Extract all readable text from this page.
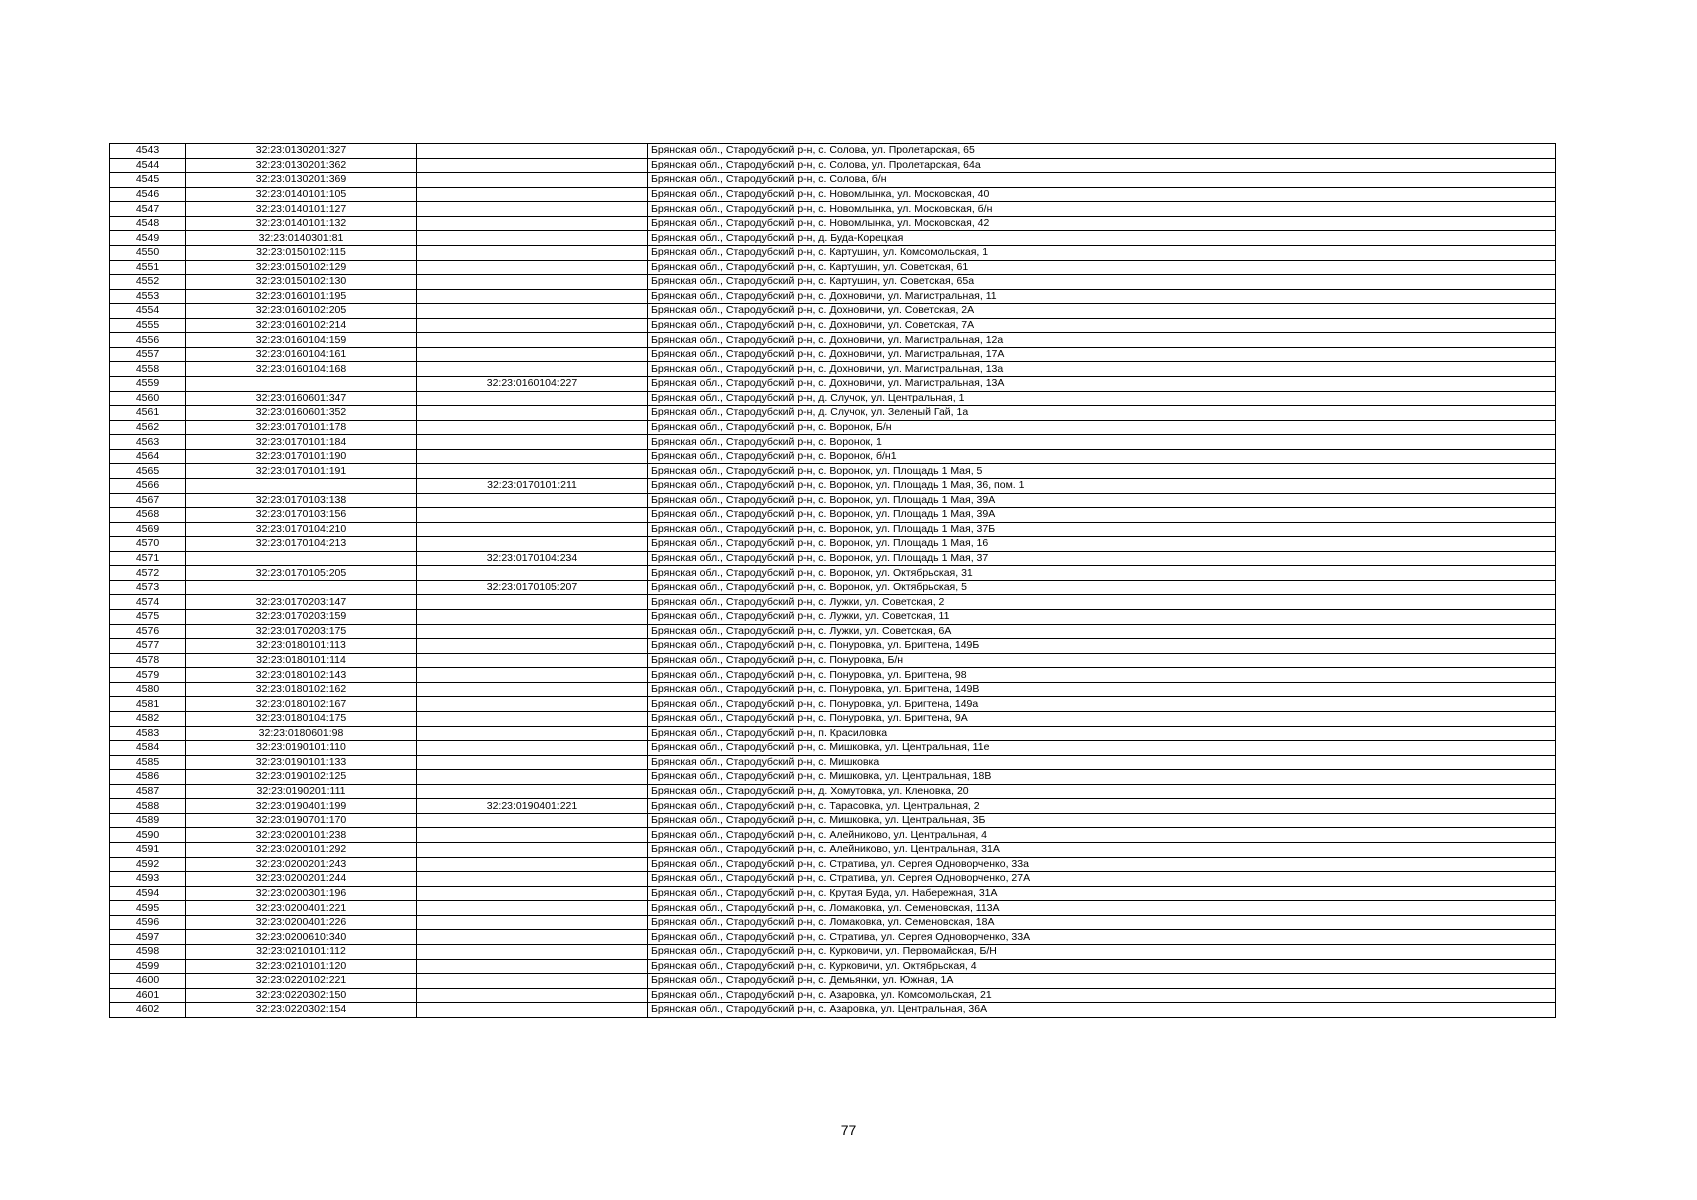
4543	32:23:0130201:327		Брянская обл., Стародубский р-н, с. Солова, ул. Пролетарская, 65
4544	32:23:0130201:362		Брянская обл., Стародубский р-н, с. Солова, ул. Пролетарская, 64а
4545	32:23:0130201:369		Брянская обл., Стародубский р-н, с. Солова, б/н
4546	32:23:0140101:105		Брянская обл., Стародубский р-н, с. Новомлынка, ул. Московская, 40
4547	32:23:0140101:127		Брянская обл., Стародубский р-н, с. Новомлынка, ул. Московская, б/н
4548	32:23:0140101:132		Брянская обл., Стародубский р-н, с. Новомлынка, ул. Московская, 42
4549	32:23:0140301:81		Брянская обл., Стародубский р-н, д. Буда-Корецкая
4550	32:23:0150102:115		Брянская обл., Стародубский р-н, с. Картушин, ул. Комсомольская, 1
4551	32:23:0150102:129		Брянская обл., Стародубский р-н, с. Картушин, ул. Советская, 61
4552	32:23:0150102:130		Брянская обл., Стародубский р-н, с. Картушин, ул. Советская, 65а
4553	32:23:0160101:195		Брянская обл., Стародубский р-н, с. Дохновичи, ул. Магистральная, 11
4554	32:23:0160102:205		Брянская обл., Стародубский р-н, с. Дохновичи, ул. Советская, 2А
4555	32:23:0160102:214		Брянская обл., Стародубский р-н, с. Дохновичи, ул. Советская, 7А
4556	32:23:0160104:159		Брянская обл., Стародубский р-н, с. Дохновичи, ул. Магистральная, 12а
4557	32:23:0160104:161		Брянская обл., Стародубский р-н, с. Дохновичи, ул. Магистральная, 17А
4558	32:23:0160104:168		Брянская обл., Стародубский р-н, с. Дохновичи, ул. Магистральная, 13а
4559		32:23:0160104:227	Брянская обл., Стародубский р-н, с. Дохновичи, ул. Магистральная, 13А
4560	32:23:0160601:347		Брянская обл., Стародубский р-н, д. Случок, ул. Центральная, 1
4561	32:23:0160601:352		Брянская обл., Стародубский р-н, д. Случок, ул. Зеленый Гай, 1а
4562	32:23:0170101:178		Брянская обл., Стародубский р-н, с. Воронок, Б/н
4563	32:23:0170101:184		Брянская обл., Стародубский р-н, с. Воронок, 1
4564	32:23:0170101:190		Брянская обл., Стародубский р-н, с. Воронок, б/н1
4565	32:23:0170101:191		Брянская обл., Стародубский р-н, с. Воронок, ул. Площадь 1 Мая, 5
4566		32:23:0170101:211	Брянская обл., Стародубский р-н, с. Воронок, ул. Площадь 1 Мая, 36, пом. 1
4567	32:23:0170103:138		Брянская обл., Стародубский р-н, с. Воронок, ул. Площадь 1 Мая, 39А
4568	32:23:0170103:156		Брянская обл., Стародубский р-н, с. Воронок, ул. Площадь 1 Мая, 39А
4569	32:23:0170104:210		Брянская обл., Стародубский р-н, с. Воронок, ул. Площадь 1 Мая, 37Б
4570	32:23:0170104:213		Брянская обл., Стародубский р-н, с. Воронок, ул. Площадь 1 Мая, 16
4571		32:23:0170104:234	Брянская обл., Стародубский р-н, с. Воронок, ул. Площадь 1 Мая, 37
4572	32:23:0170105:205		Брянская обл., Стародубский р-н, с. Воронок, ул. Октябрьская, 31
4573		32:23:0170105:207	Брянская обл., Стародубский р-н, с. Воронок, ул. Октябрьская, 5
4574	32:23:0170203:147		Брянская обл., Стародубский р-н, с. Лужки, ул. Советская, 2
4575	32:23:0170203:159		Брянская обл., Стародубский р-н, с. Лужки, ул. Советская, 11
4576	32:23:0170203:175		Брянская обл., Стародубский р-н, с. Лужки, ул. Советская, 6А
4577	32:23:0180101:113		Брянская обл., Стародубский р-н, с. Понуровка, ул. Бригтена, 149Б
4578	32:23:0180101:114		Брянская обл., Стародубский р-н, с. Понуровка, Б/н
4579	32:23:0180102:143		Брянская обл., Стародубский р-н, с. Понуровка, ул. Бригтена, 98
4580	32:23:0180102:162		Брянская обл., Стародубский р-н, с. Понуровка, ул. Бригтена, 149В
4581	32:23:0180102:167		Брянская обл., Стародубский р-н, с. Понуровка, ул. Бригтена, 149а
4582	32:23:0180104:175		Брянская обл., Стародубский р-н, с. Понуровка, ул. Бригтена, 9А
4583	32:23:0180601:98		Брянская обл., Стародубский р-н, п. Красиловка
4584	32:23:0190101:110		Брянская обл., Стародубский р-н, с. Мишковка, ул. Центральная, 11е
4585	32:23:0190101:133		Брянская обл., Стародубский р-н, с. Мишковка
4586	32:23:0190102:125		Брянская обл., Стародубский р-н, с. Мишковка, ул. Центральная, 18В
4587	32:23:0190201:111		Брянская обл., Стародубский р-н, д. Хомутовка, ул. Кленовка, 20
4588	32:23:0190401:199	32:23:0190401:221	Брянская обл., Стародубский р-н, с. Тарасовка, ул. Центральная, 2
4589	32:23:0190701:170		Брянская обл., Стародубский р-н, с. Мишковка, ул. Центральная, 3Б
4590	32:23:0200101:238		Брянская обл., Стародубский р-н, с. Алейниково, ул. Центральная, 4
4591	32:23:0200101:292		Брянская обл., Стародубский р-н, с. Алейниково, ул. Центральная, 31А
4592	32:23:0200201:243		Брянская обл., Стародубский р-н, с. Стратива, ул. Сергея Одноворченко, 33а
4593	32:23:0200201:244		Брянская обл., Стародубский р-н, с. Стратива, ул. Сергея Одноворченко, 27А
4594	32:23:0200301:196		Брянская обл., Стародубский р-н, с. Крутая Буда, ул. Набережная, 31А
4595	32:23:0200401:221		Брянская обл., Стародубский р-н, с. Ломаковка, ул. Семеновская, 113А
4596	32:23:0200401:226		Брянская обл., Стародубский р-н, с. Ломаковка, ул. Семеновская, 18А
4597	32:23:0200610:340		Брянская обл., Стародубский р-н, с. Стратива, ул. Сергея Одноворченко, 33А
4598	32:23:0210101:112		Брянская обл., Стародубский р-н, с. Курковичи, ул. Первомайская, Б/Н
4599	32:23:0210101:120		Брянская обл., Стародубский р-н, с. Курковичи, ул. Октябрьская, 4
4600	32:23:0220102:221		Брянская обл., Стародубский р-н, с. Демьянки, ул. Южная, 1А
4601	32:23:0220302:150		Брянская обл., Стародубский р-н, с. Азаровка, ул. Комсомольская, 21
4602	32:23:0220302:154		Брянская обл., Стародубский р-н, с. Азаровка, ул. Центральная, 36А
77
